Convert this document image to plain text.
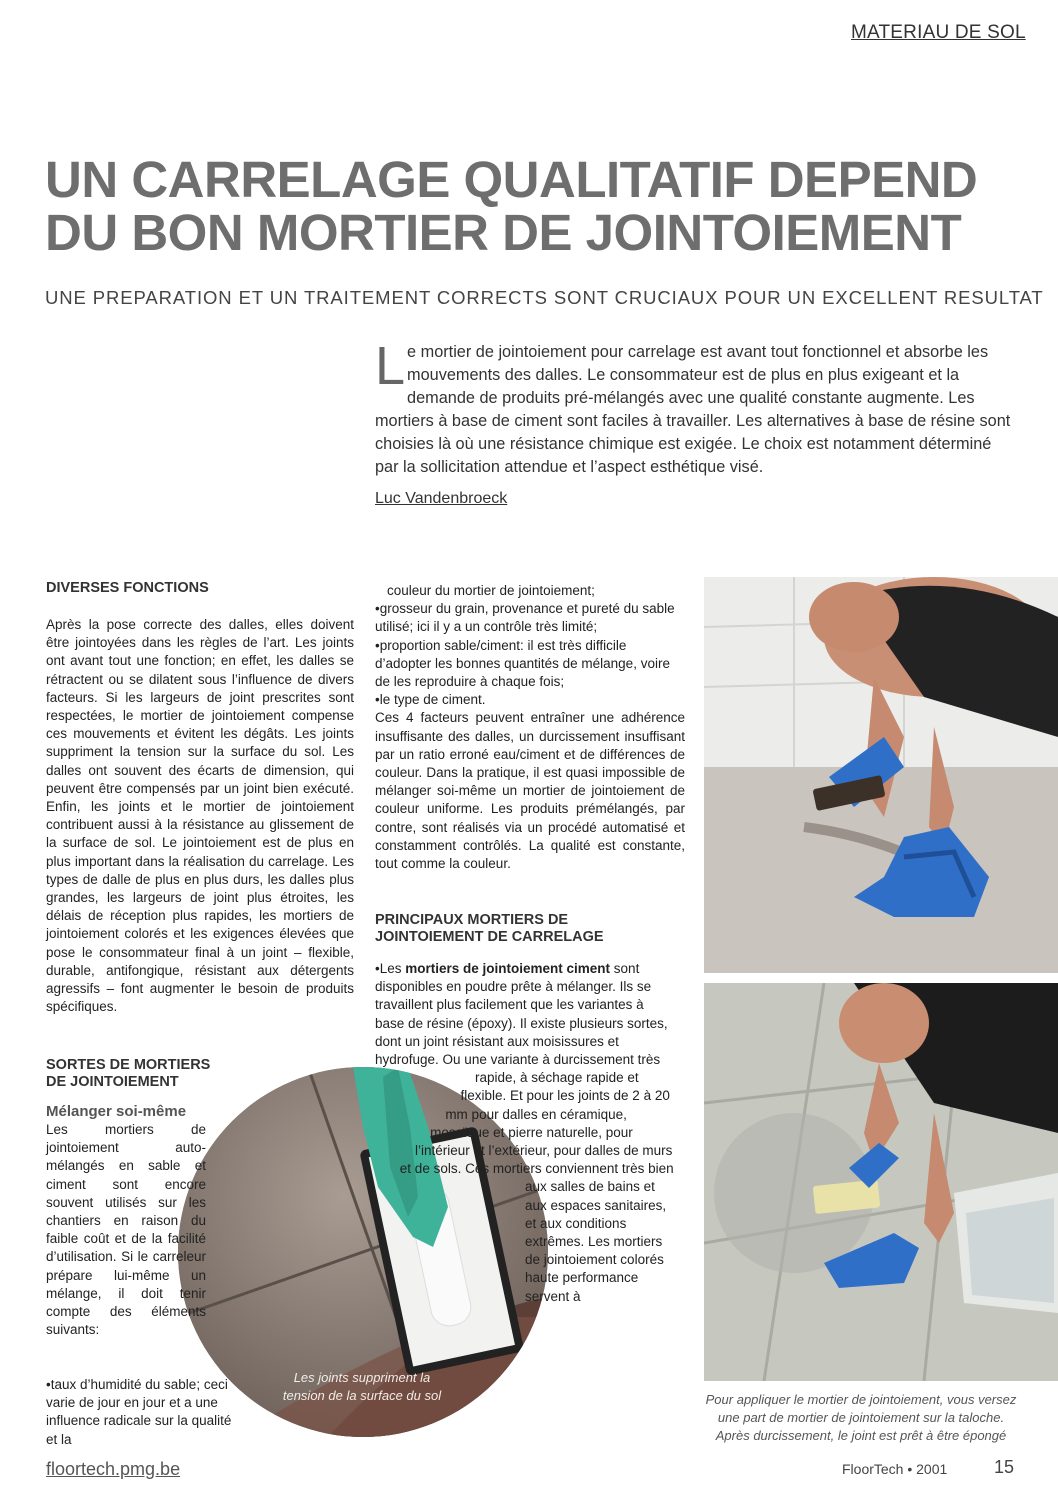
MATERIAU DE SOL
UN CARRELAGE QUALITATIF DEPEND
DU BON MORTIER DE JOINTOIEMENT
UNE PREPARATION ET UN TRAITEMENT CORRECTS SONT CRUCIAUX POUR UN EXCELLENT RESULTAT
Le mortier de jointoiement pour carrelage est avant tout fonctionnel et absorbe les mouvements des dalles. Le consommateur est de plus en plus exigeant et la demande de produits pré-mélangés avec une qualité constante augmente. Les mortiers à base de ciment sont faciles à travailler. Les alternatives à base de résine sont choisies là où une résistance chimique est exigée. Le choix est notamment déterminé par la sollicitation attendue et l’aspect esthétique visé.
Luc Vandenbroeck
DIVERSES FONCTIONS
Après la pose correcte des dalles, elles doivent être jointoyées dans les règles de l’art. Les joints ont avant tout une fonction; en effet, les dalles se rétractent ou se dilatent sous l’influence de divers facteurs. Si les largeurs de joint prescrites sont respectées, le mortier de jointoiement compense ces mouvements et évitent les dégâts. Les joints suppriment la tension sur la surface du sol. Les dalles ont souvent des écarts de dimension, qui peuvent être compensés par un joint bien exécuté. Enfin, les joints et le mortier de jointoiement contribuent aussi à la résistance au glissement de la surface de sol. Le jointoiement est de plus en plus important dans la réalisation du carrelage. Les types de dalle de plus en plus durs, les dalles plus grandes, les largeurs de joint plus étroites, les délais de réception plus rapides, les mortiers de jointoiement colorés et les exigences élevées que pose le consommateur final à un joint – flexible, durable, antifongique, résistant aux détergents agressifs – font augmenter le besoin de produits spécifiques.
SORTES DE MORTIERS
DE JOINTOIEMENT
Mélanger soi-même
Les joints suppriment la tension de la surface du sol
Les mortiers de jointoiement auto-mélangés en sable et ciment sont encore souvent utilisés sur les chantiers en raison du faible coût et de la facilité d’utilisation. Si le carreleur prépare lui-même un mélange, il doit tenir compte des éléments suivants:
•taux d’humidité du sable; ceci varie de jour en jour et a une influence radicale sur la qualité et la

couleur du mortier de jointoiement;

•grosseur du grain, provenance et pureté du sable utilisé; ici il y a un contrôle très limité;

•proportion sable/ciment: il est très difficile d’adopter les bonnes quantités de mélange, voire de les reproduire à chaque fois;

•le type de ciment.

Ces 4 facteurs peuvent entraîner une adhérence insuffisante des dalles, un durcissement insuffisant par un ratio erroné eau/ciment et de différences de couleur. Dans la pratique, il est quasi impossible de mélanger soi-même un mortier de jointoiement de couleur uniforme. Les produits prémélangés, par contre, sont réalisés via un procédé automatisé et constamment contrôlés. La qualité est constante, tout comme la couleur.

PRINCIPAUX MORTIERS DE
JOINTOIEMENT DE CARRELAGE
•Les mortiers de jointoiement ciment sont disponibles en poudre prête à mélanger. Ils se travaillent plus facilement que les variantes à base de résine (époxy). Il existe plusieurs sortes, dont un joint résistant aux moisissures et hydrofuge. Ou une variante à durcissement très rapide, à séchage rapide et flexible. Et pour les joints de 2 à 20 mm pour dalles en céramique, mosaïque et pierre naturelle, pour l’intérieur et l’extérieur, pour dalles de murs et de sols. Ces mortiers conviennent très bien aux salles de bains et aux espaces sanitaires, et aux conditions extrêmes. Les mortiers de jointoiement colorés haute performance servent à
Pour appliquer le mortier de jointoiement, vous versez une part de mortier de jointoiement sur la taloche. Après durcissement, le joint est prêt à être épongé
floortech.pmg.be	FloorTech • 2001	15
